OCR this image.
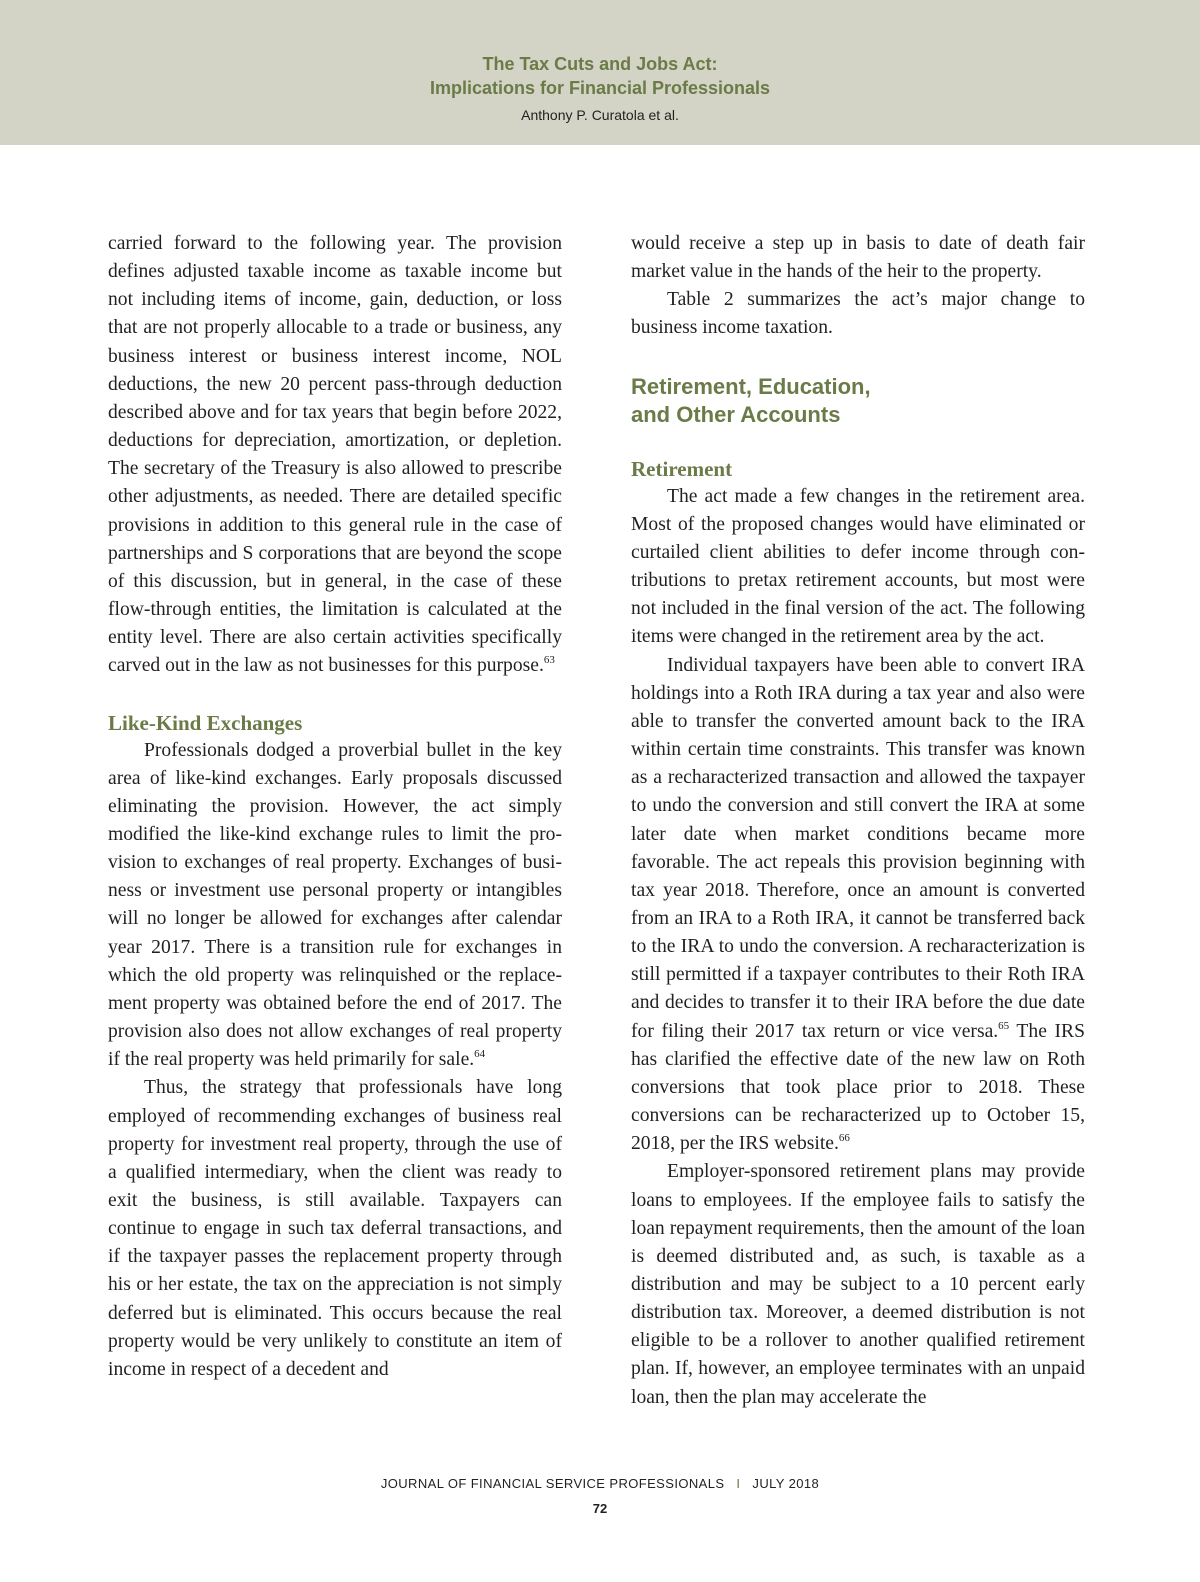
The Tax Cuts and Jobs Act:
Implications for Financial Professionals
Anthony P. Curatola et al.

carried forward to the following year. The provision defines adjusted taxable income as taxable income but not including items of income, gain, deduction, or loss that are not properly allocable to a trade or business, any business interest or business interest income, NOL deductions, the new 20 percent pass-through deduction described above and for tax years that begin before 2022, deductions for depreciation, amortization, or depletion. The secretary of the Treasury is also allowed to prescribe other adjustments, as needed. There are detailed specific provisions in addition to this general rule in the case of partnerships and S corporations that are beyond the scope of this discussion, but in general, in the case of these flow-through entities, the limitation is calculated at the entity level. There are also certain activities specifically carved out in the law as not businesses for this purpose.$^{63}$

Like-Kind Exchanges

Professionals dodged a proverbial bullet in the key area of like-kind exchanges. Early proposals discussed eliminating the provision. However, the act simply modified the like-kind exchange rules to limit the provision to exchanges of real property. Exchanges of business or investment use personal property or intangibles will no longer be allowed for exchanges after calendar year 2017. There is a transition rule for exchanges in which the old property was relinquished or the replacement property was obtained before the end of 2017. The provision also does not allow exchanges of real property if the real property was held primarily for sale.$^{64}$

Thus, the strategy that professionals have long employed of recommending exchanges of business real property for investment real property, through the use of a qualified intermediary, when the client was ready to exit the business, is still available. Taxpayers can continue to engage in such tax deferral transactions, and if the taxpayer passes the replacement property through his or her estate, the tax on the appreciation is not simply deferred but is eliminated. This occurs because the real property would be very unlikely to constitute an item of income in respect of a decedent and

would receive a step up in basis to date of death fair market value in the hands of the heir to the property.

Table 2 summarizes the act’s major change to business income taxation.

Retirement, Education,
and Other Accounts
Retirement

The act made a few changes in the retirement area. Most of the proposed changes would have eliminated or curtailed client abilities to defer income through contributions to pretax retirement accounts, but most were not included in the final version of the act. The following items were changed in the retirement area by the act.

Individual taxpayers have been able to convert IRA holdings into a Roth IRA during a tax year and also were able to transfer the converted amount back to the IRA within certain time constraints. This transfer was known as a recharacterized transaction and allowed the taxpayer to undo the conversion and still convert the IRA at some later date when market conditions became more favorable. The act repeals this provision beginning with tax year 2018. Therefore, once an amount is converted from an IRA to a Roth IRA, it cannot be transferred back to the IRA to undo the conversion. A recharacterization is still permitted if a taxpayer contributes to their Roth IRA and decides to transfer it to their IRA before the due date for filing their 2017 tax return or vice versa.$^{65}$ The IRS has clarified the effective date of the new law on Roth conversions that took place prior to 2018. These conversions can be recharacterized up to October 15, 2018, per the IRS website.$^{66}$

Employer-sponsored retirement plans may provide loans to employees. If the employee fails to satisfy the loan repayment requirements, then the amount of the loan is deemed distributed and, as such, is taxable as a distribution and may be subject to a 10 percent early distribution tax. Moreover, a deemed distribution is not eligible to be a rollover to another qualified retirement plan. If, however, an employee terminates with an unpaid loan, then the plan may accelerate the

JOURNAL OF FINANCIAL SERVICE PROFESSIONALS I JULY 2018
72
